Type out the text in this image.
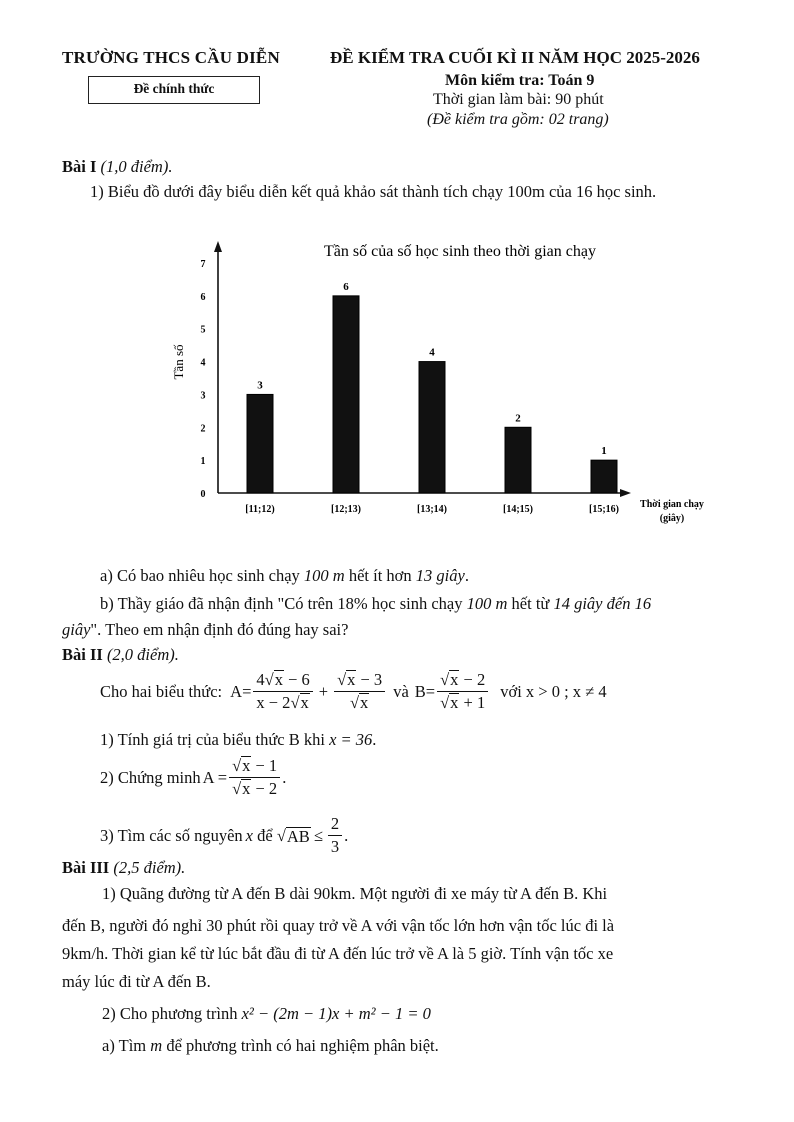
TRƯỜNG THCS CẦU DIỄN
Đề chính thức
ĐỀ KIỂM TRA CUỐI KÌ II NĂM HỌC 2025-2026
Môn kiểm tra: Toán 9
Thời gian làm bài: 90 phút
(Đề kiểm tra gồm: 02 trang)
Bài I (1,0 điểm).
1) Biểu đồ dưới đây biểu diễn kết quả khảo sát thành tích chạy 100m của 16 học sinh.
Tần số của số học sinh theo thời gian chạy
0
1
2
3
4
5
6
7
Tần số
3
[11;12)
6
[12;13)
4
[13;14)
2
[14;15)
1
[15;16) Thời gian chạy
(giây)
a) Có bao nhiêu học sinh chạy 100 m hết ít hơn 13 giây.
b) Thầy giáo đã nhận định "Có trên 18% học sinh chạy 100 m hết từ 14 giây đến 16
giây". Theo em nhận định đó đúng hay sai?
Bài II (2,0 điểm).
Cho hai biểu thức: $A = \frac{4√x - 6}{x - 2√x} + \frac{√x - 3}{√x}$ và $B = \frac{√x - 2}{√x + 1}$ với x > 0 ; x ≠ 4
1) Tính giá trị của biểu thức B khi x = 36.
2) Chứng minh $A = \frac{√x - 1}{√x - 2}$ .
3) Tìm các số nguyên x để √ AB ≤ $\frac{2}{3}$ .
Bài III (2,5 điểm).
1) Quãng đường từ A đến B dài 90km. Một người đi xe máy từ A đến B. Khi
đến B, người đó nghỉ 30 phút rồi quay trở về A với vận tốc lớn hơn vận tốc lúc đi là
9km/h. Thời gian kể từ lúc bắt đầu đi từ A đến lúc trở về A là 5 giờ. Tính vận tốc xe
máy lúc đi từ A đến B.
2) Cho phương trình x² − (2m − 1)x + m² − 1 = 0
a) Tìm m để phương trình có hai nghiệm phân biệt.
